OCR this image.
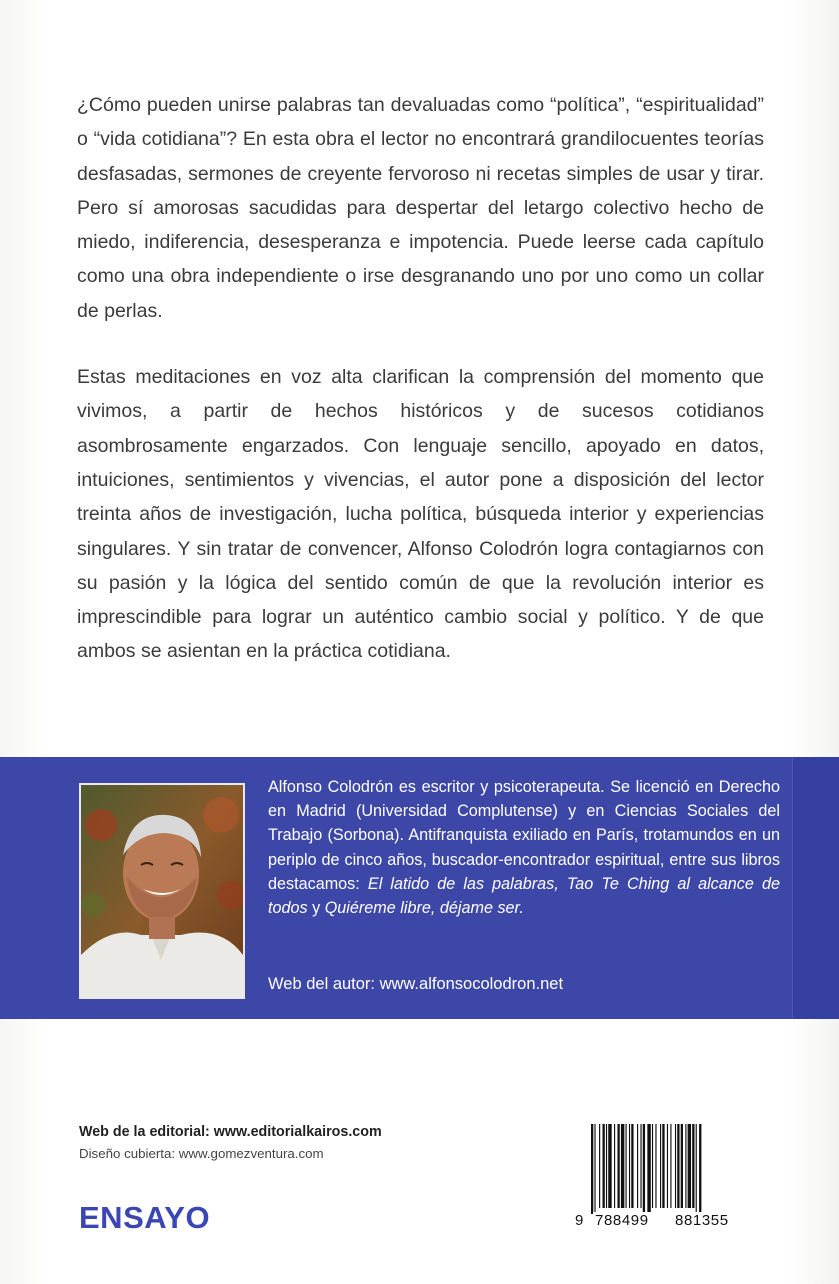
¿Cómo pueden unirse palabras tan devaluadas como “política”, “espiritualidad” o “vida cotidiana”? En esta obra el lector no encontrará grandilocuentes teorías desfasadas, sermones de creyente fervoroso ni recetas simples de usar y tirar. Pero sí amorosas sacudidas para despertar del letargo colectivo hecho de miedo, indiferencia, desesperanza e impotencia. Puede leerse cada capítulo como una obra independiente o irse desgranando uno por uno como un collar de perlas.

Estas meditaciones en voz alta clarifican la comprensión del momento que vivimos, a partir de hechos históricos y de sucesos cotidianos asombrosamente engarzados. Con lenguaje sencillo, apoyado en datos, intuiciones, sentimientos y vivencias, el autor pone a disposición del lector treinta años de investigación, lucha política, búsqueda interior y experiencias singulares. Y sin tratar de convencer, Alfonso Colodrón logra contagiarnos con su pasión y la lógica del sentido común de que la revolución interior es imprescindible para lograr un auténtico cambio social y político. Y de que ambos se asientan en la práctica cotidiana.

Alfonso Colodrón es escritor y psicoterapeuta. Se licenció en Derecho en Madrid (Universidad Complutense) y en Ciencias Sociales del Trabajo (Sorbona). Antifranquista exiliado en París, trotamundos en un periplo de cinco años, buscador-encontrador espiritual, entre sus libros destacamos: El latido de las palabras, Tao Te Ching al alcance de todos y Quiéreme libre, déjame ser.

Web del autor: www.alfonsocolodron.net
Web de la editorial: www.editorialkairos.com
Diseño cubierta: www.gomezventura.com
ENSAYO	9 788499 881355
